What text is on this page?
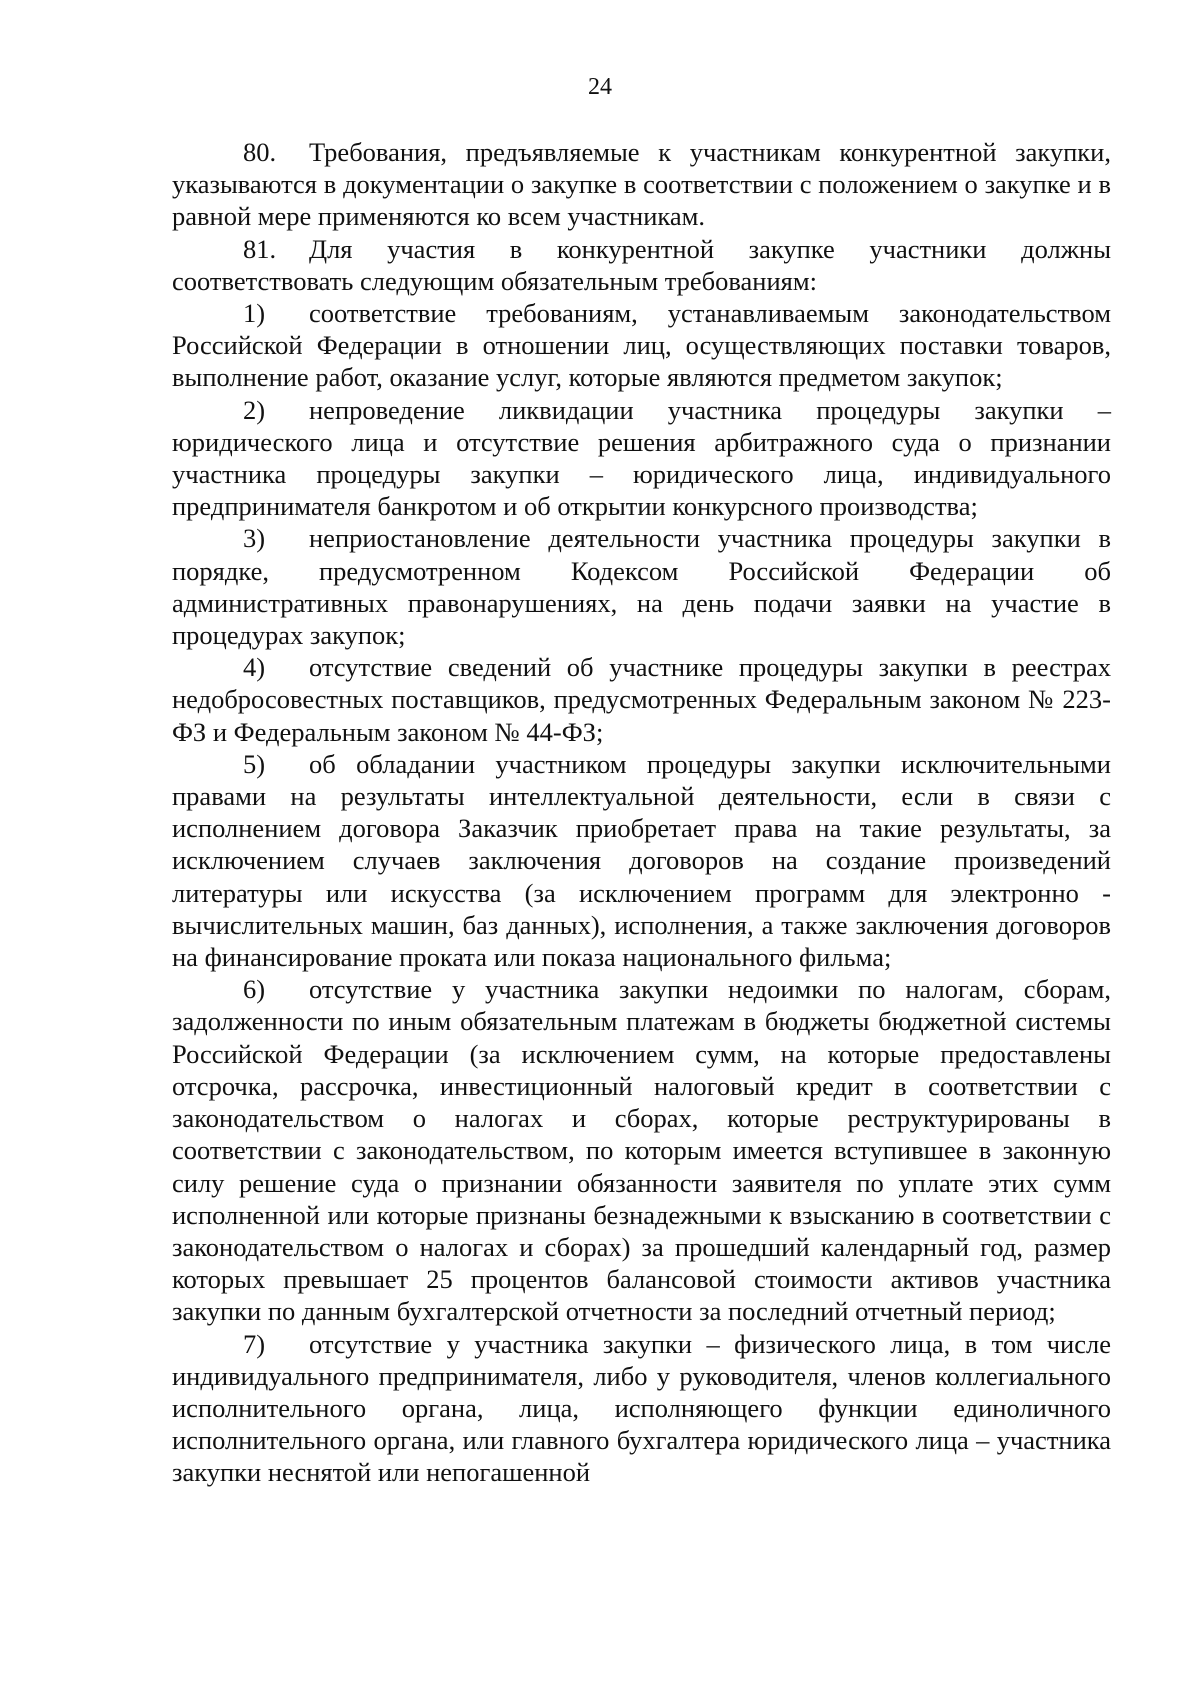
24

80. Требования, предъявляемые к участникам конкурентной закупки, указываются в документации о закупке в соответствии с положением о закупке и в равной мере применяются ко всем участникам.

81. Для участия в конкурентной закупке участники должны соответствовать следующим обязательным требованиям:

1) соответствие требованиям, устанавливаемым законодательством Российской Федерации в отношении лиц, осуществляющих поставки товаров, выполнение работ, оказание услуг, которые являются предметом закупок;

2) непроведение ликвидации участника процедуры закупки – юридического лица и отсутствие решения арбитражного суда о признании участника процедуры закупки – юридического лица, индивидуального предпринимателя банкротом и об открытии конкурсного производства;

3) неприостановление деятельности участника процедуры закупки в порядке, предусмотренном Кодексом Российской Федерации об административных правонарушениях, на день подачи заявки на участие в процедурах закупок;

4) отсутствие сведений об участнике процедуры закупки в реестрах недобросовестных поставщиков, предусмотренных Федеральным законом № 223-ФЗ и Федеральным законом № 44-ФЗ;

5) об обладании участником процедуры закупки исключительными правами на результаты интеллектуальной деятельности, если в связи с исполнением договора Заказчик приобретает права на такие результаты, за исключением случаев заключения договоров на создание произведений литературы или искусства (за исключением программ для электронно - вычислительных машин, баз данных), исполнения, а также заключения договоров на финансирование проката или показа национального фильма;

6) отсутствие у участника закупки недоимки по налогам, сборам, задолженности по иным обязательным платежам в бюджеты бюджетной системы Российской Федерации (за исключением сумм, на которые предоставлены отсрочка, рассрочка, инвестиционный налоговый кредит в соответствии с законодательством о налогах и сборах, которые реструктурированы в соответствии с законодательством, по которым имеется вступившее в законную силу решение суда о признании обязанности заявителя по уплате этих сумм исполненной или которые признаны безнадежными к взысканию в соответствии с законодательством о налогах и сборах) за прошедший календарный год, размер которых превышает 25 процентов балансовой стоимости активов участника закупки по данным бухгалтерской отчетности за последний отчетный период;

7) отсутствие у участника закупки – физического лица, в том числе индивидуального предпринимателя, либо у руководителя, членов коллегиального исполнительного органа, лица, исполняющего функции единоличного исполнительного органа, или главного бухгалтера юридического лица – участника закупки неснятой или непогашенной
